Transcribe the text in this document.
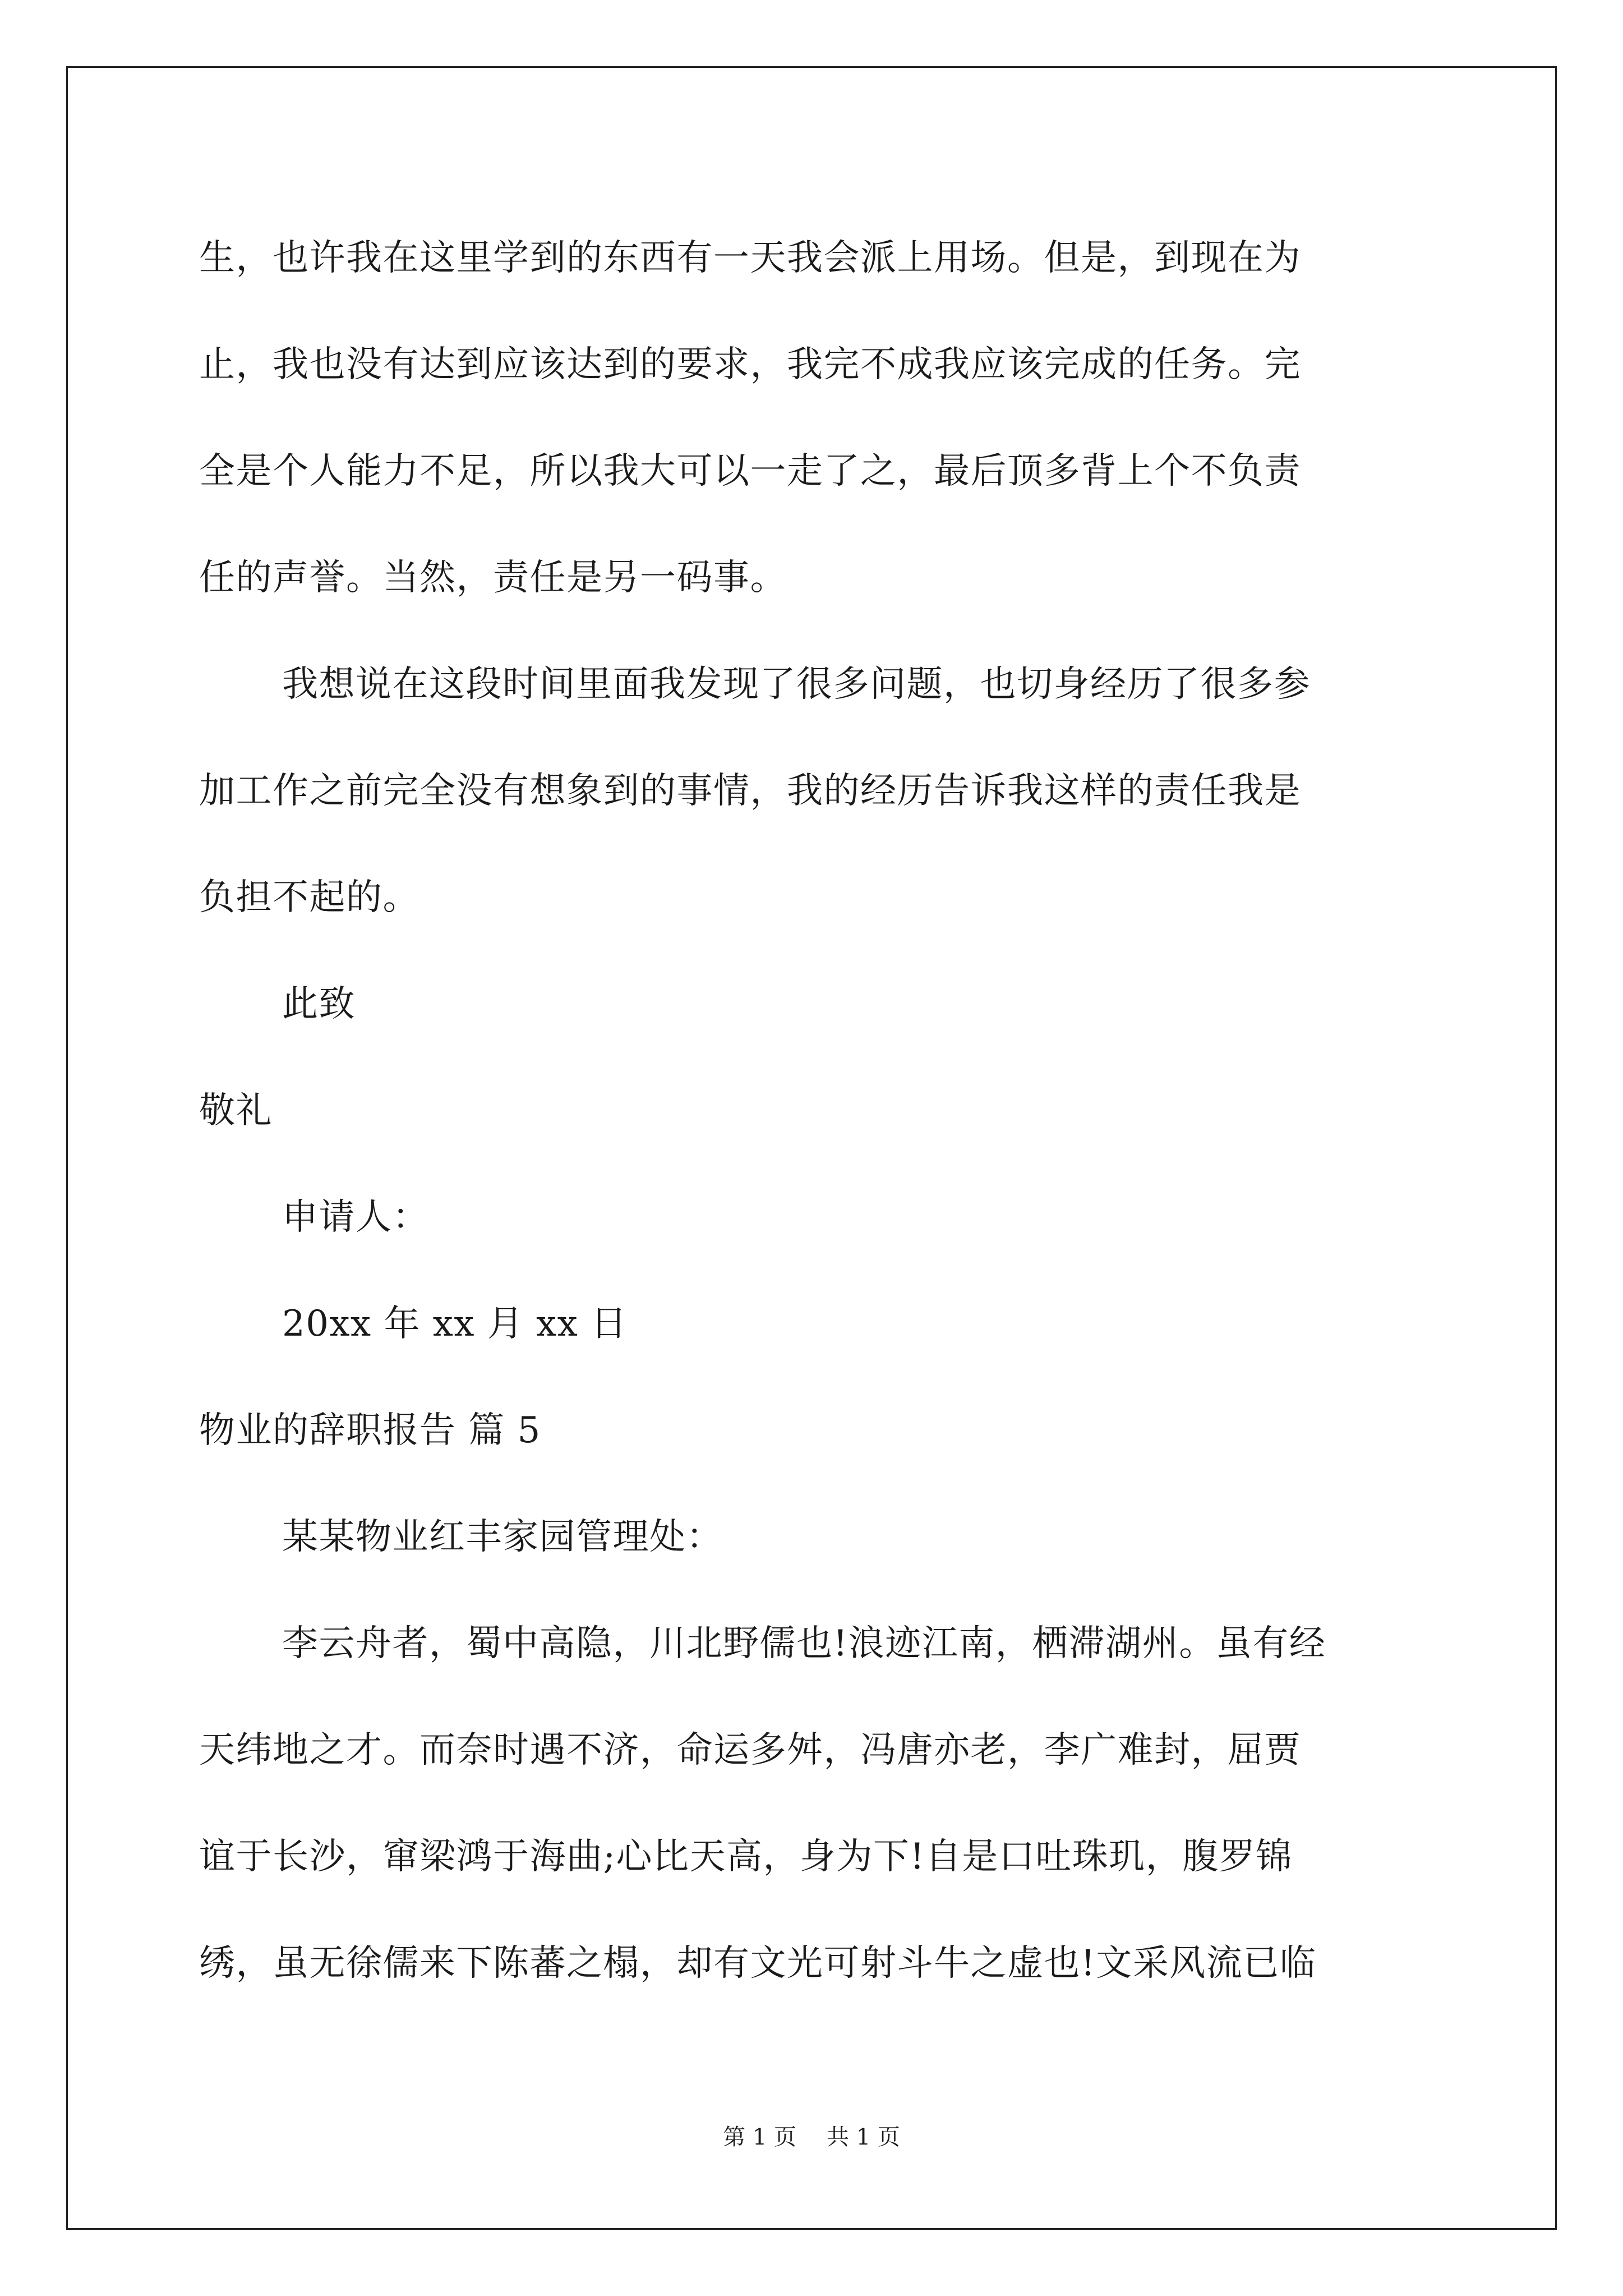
生，也许我在这里学到的东西有一天我会派上用场。但是，到现在为
止，我也没有达到应该达到的要求，我完不成我应该完成的任务。完
全是个人能力不足，所以我大可以一走了之，最后顶多背上个不负责
任的声誉。当然，责任是另一码事。
我想说在这段时间里面我发现了很多问题，也切身经历了很多参
加工作之前完全没有想象到的事情，我的经历告诉我这样的责任我是
负担不起的。
此致
敬礼
申请人：
20xx 年 xx 月 xx 日
物业的辞职报告 篇 5
某某物业红丰家园管理处：
李云舟者，蜀中高隐，川北野儒也!浪迹江南，栖滞湖州。虽有经
天纬地之才。而奈时遇不济，命运多舛，冯唐亦老，李广难封，屈贾
谊于长沙，窜梁鸿于海曲;心比天高，身为下!自是口吐珠玑，腹罗锦
绣，虽无徐儒来下陈蕃之榻，却有文光可射斗牛之虚也!文采风流已临
第 1 页 共 1 页
